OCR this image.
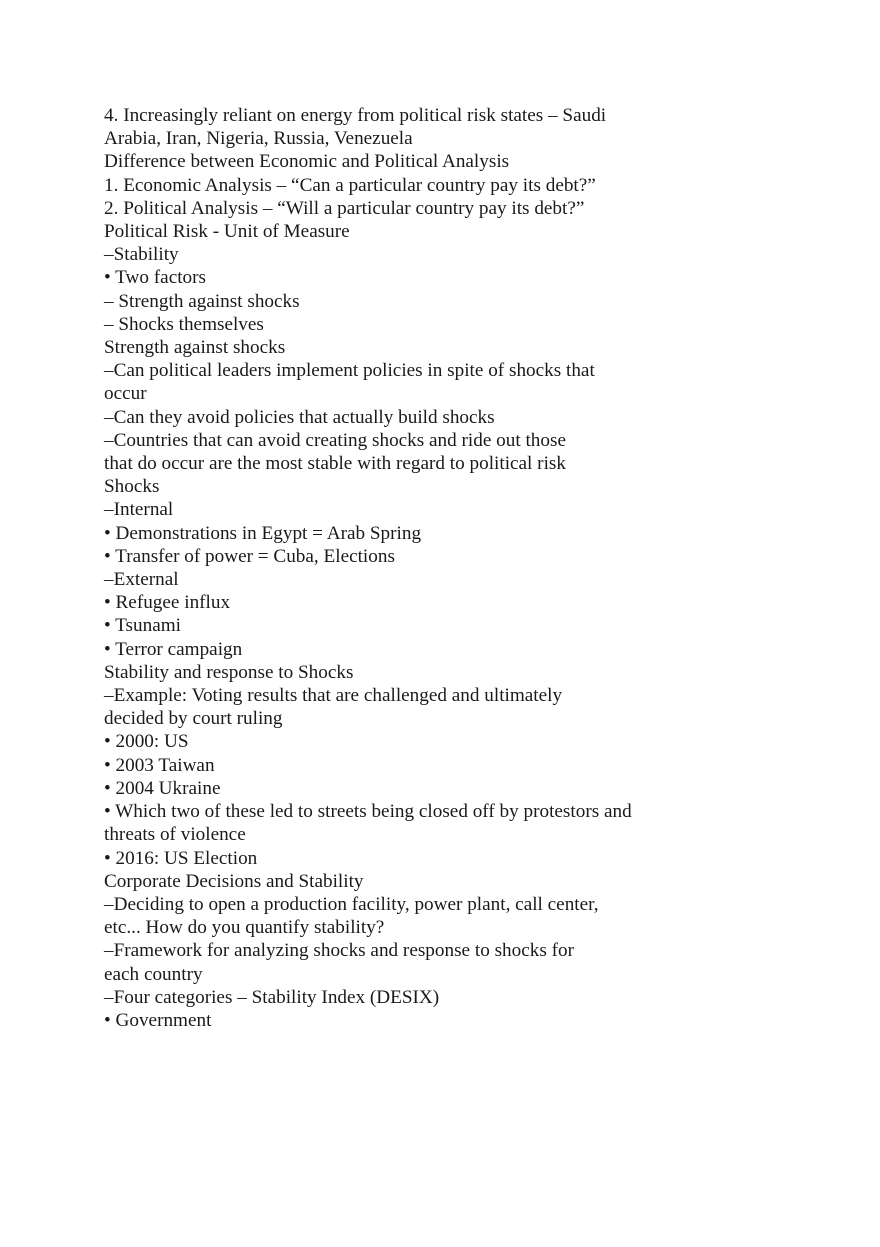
4. Increasingly reliant on energy from political risk states – Saudi
Arabia, Iran, Nigeria, Russia, Venezuela
Difference between Economic and Political Analysis
1. Economic Analysis – “Can a particular country pay its debt?”
2. Political Analysis – “Will a particular country pay its debt?”
Political Risk - Unit of Measure
–Stability
• Two factors
– Strength against shocks
– Shocks themselves
Strength against shocks
–Can political leaders implement policies in spite of shocks that
occur
–Can they avoid policies that actually build shocks
–Countries that can avoid creating shocks and ride out those
that do occur are the most stable with regard to political risk
Shocks
–Internal
• Demonstrations in Egypt = Arab Spring
• Transfer of power = Cuba, Elections
–External
• Refugee influx
• Tsunami
• Terror campaign
Stability and response to Shocks
–Example: Voting results that are challenged and ultimately
decided by court ruling
• 2000: US
• 2003 Taiwan
• 2004 Ukraine
• Which two of these led to streets being closed off by protestors and
threats of violence
• 2016: US Election
Corporate Decisions and Stability
–Deciding to open a production facility, power plant, call center,
etc... How do you quantify stability?
–Framework for analyzing shocks and response to shocks for
each country
–Four categories – Stability Index (DESIX)
• Government
